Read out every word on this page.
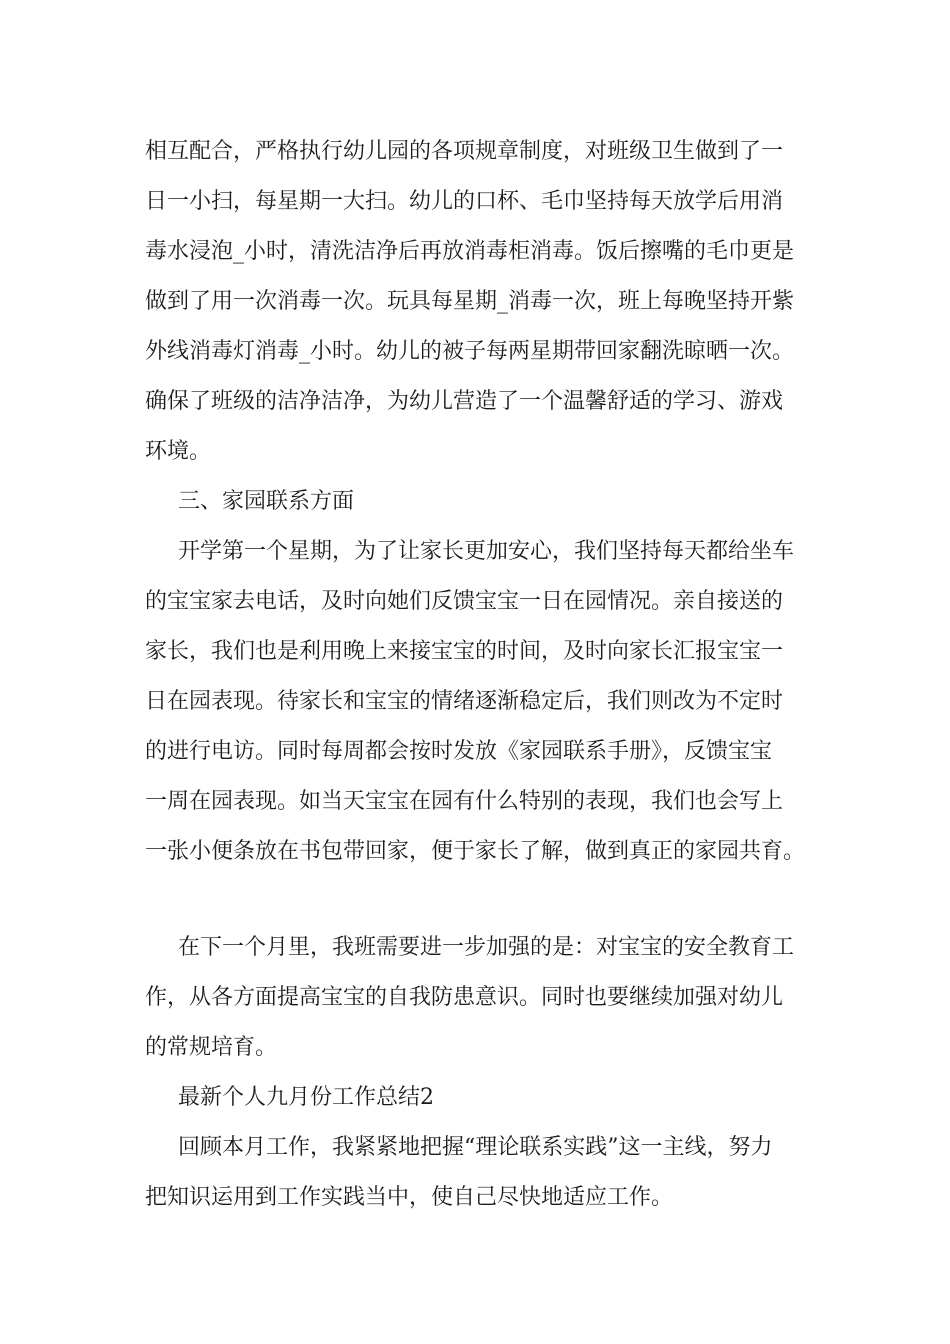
相互配合，严格执行幼儿园的各项规章制度，对班级卫生做到了一
日一小扫，每星期一大扫。幼儿的口杯、毛巾坚持每天放学后用消
毒水浸泡_小时，清洗洁净后再放消毒柜消毒。饭后擦嘴的毛巾更是
做到了用一次消毒一次。玩具每星期_消毒一次，班上每晚坚持开紫
外线消毒灯消毒_小时。幼儿的被子每两星期带回家翻洗晾晒一次。
确保了班级的洁净洁净，为幼儿营造了一个温馨舒适的学习、游戏
环境。
三、家园联系方面
开学第一个星期，为了让家长更加安心，我们坚持每天都给坐车
的宝宝家去电话，及时向她们反馈宝宝一日在园情况。亲自接送的
家长，我们也是利用晚上来接宝宝的时间，及时向家长汇报宝宝一
日在园表现。待家长和宝宝的情绪逐渐稳定后，我们则改为不定时
的进行电访。同时每周都会按时发放《家园联系手册》，反馈宝宝
一周在园表现。如当天宝宝在园有什么特别的表现，我们也会写上
一张小便条放在书包带回家，便于家长了解，做到真正的家园共育。
在下一个月里，我班需要进一步加强的是：对宝宝的安全教育工
作，从各方面提高宝宝的自我防患意识。同时也要继续加强对幼儿
的常规培育。
最新个人九月份工作总结2
回顾本月工作，我紧紧地把握“理论联系实践”这一主线，努力
把知识运用到工作实践当中，使自己尽快地适应工作。
